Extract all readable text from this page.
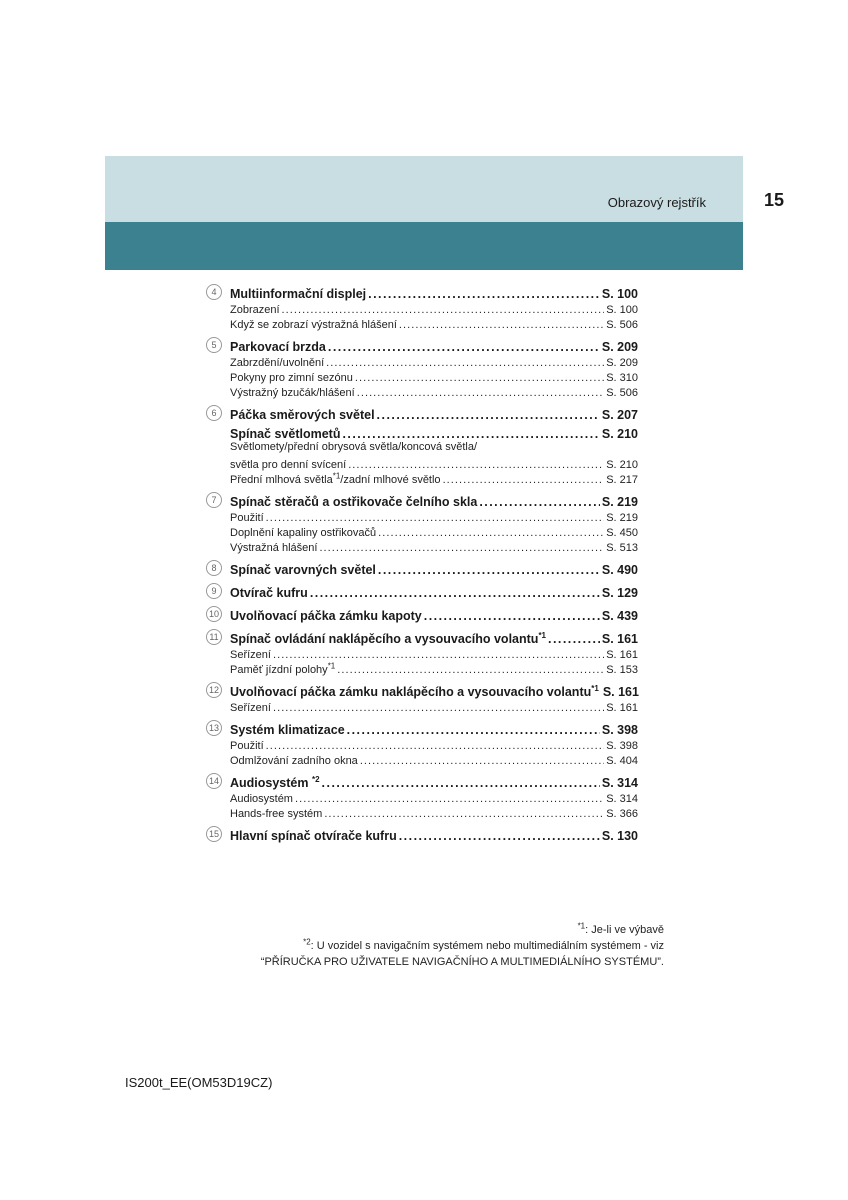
Obrazový rejstřík	15
4	Multiinformační displej . . .	S. 100
Zobrazení . . .	S. 100
Když se zobrazí výstražná hlášení . . .	S. 506
5	Parkovací brzda . . .	S. 209
Zabrzdění/uvolnění . . .	S. 209
Pokyny pro zimní sezónu . . .	S. 310
Výstražný bzučák/hlášení . . .	S. 506
6	Páčka směrových světel . . .	S. 207
Spínač světlometů . . .	S. 210
Světlomety/přední obrysová světla/koncová světla/
světla pro denní svícení . . .	S. 210
Přední mlhová světla$^{*1}$/zadní mlhové světlo . . .	S. 217
7	Spínač stěračů a ostřikovače čelního skla . . .	S. 219
Použití . . .	S. 219
Doplnění kapaliny ostřikovačů . . .	S. 450
Výstražná hlášení . . .	S. 513
8	Spínač varovných světel . . .	S. 490
9	Otvírač kufru . . .	S. 129
10 Uvolňovací páčka zámku kapoty . . .	S. 439
11 Spínač ovládání naklápěcího a vysouvacího volantu$^{*1}$ . . .	S. 161
Seřízení . . .	S. 161
Paměť jízdní polohy$^{*1}$ . . .	S. 153
12 Uvolňovací páčka zámku naklápěcího a vysouvacího volantu$^{*1}$ S. 161
Seřízení . . .	S. 161
13 Systém klimatizace . . .	S. 398
Použití . . .	S. 398
Odmlžování zadního okna . . .	S. 404
14 Audiosystém $^{*2}$ . . .	S. 314
Audiosystém . . .	S. 314
Hands-free systém . . .	S. 366
15 Hlavní spínač otvírače kufru . . .	S. 130
$^{*1}$: Je-li ve výbavě
$^{*2}$: U vozidel s navigačním systémem nebo multimediálním systémem - viz
“PŘÍRUČKA PRO UŽIVATELE NAVIGAČNÍHO A MULTIMEDIÁLNÍHO SYSTÉMU”.
IS200t_EE(OM53D19CZ)
